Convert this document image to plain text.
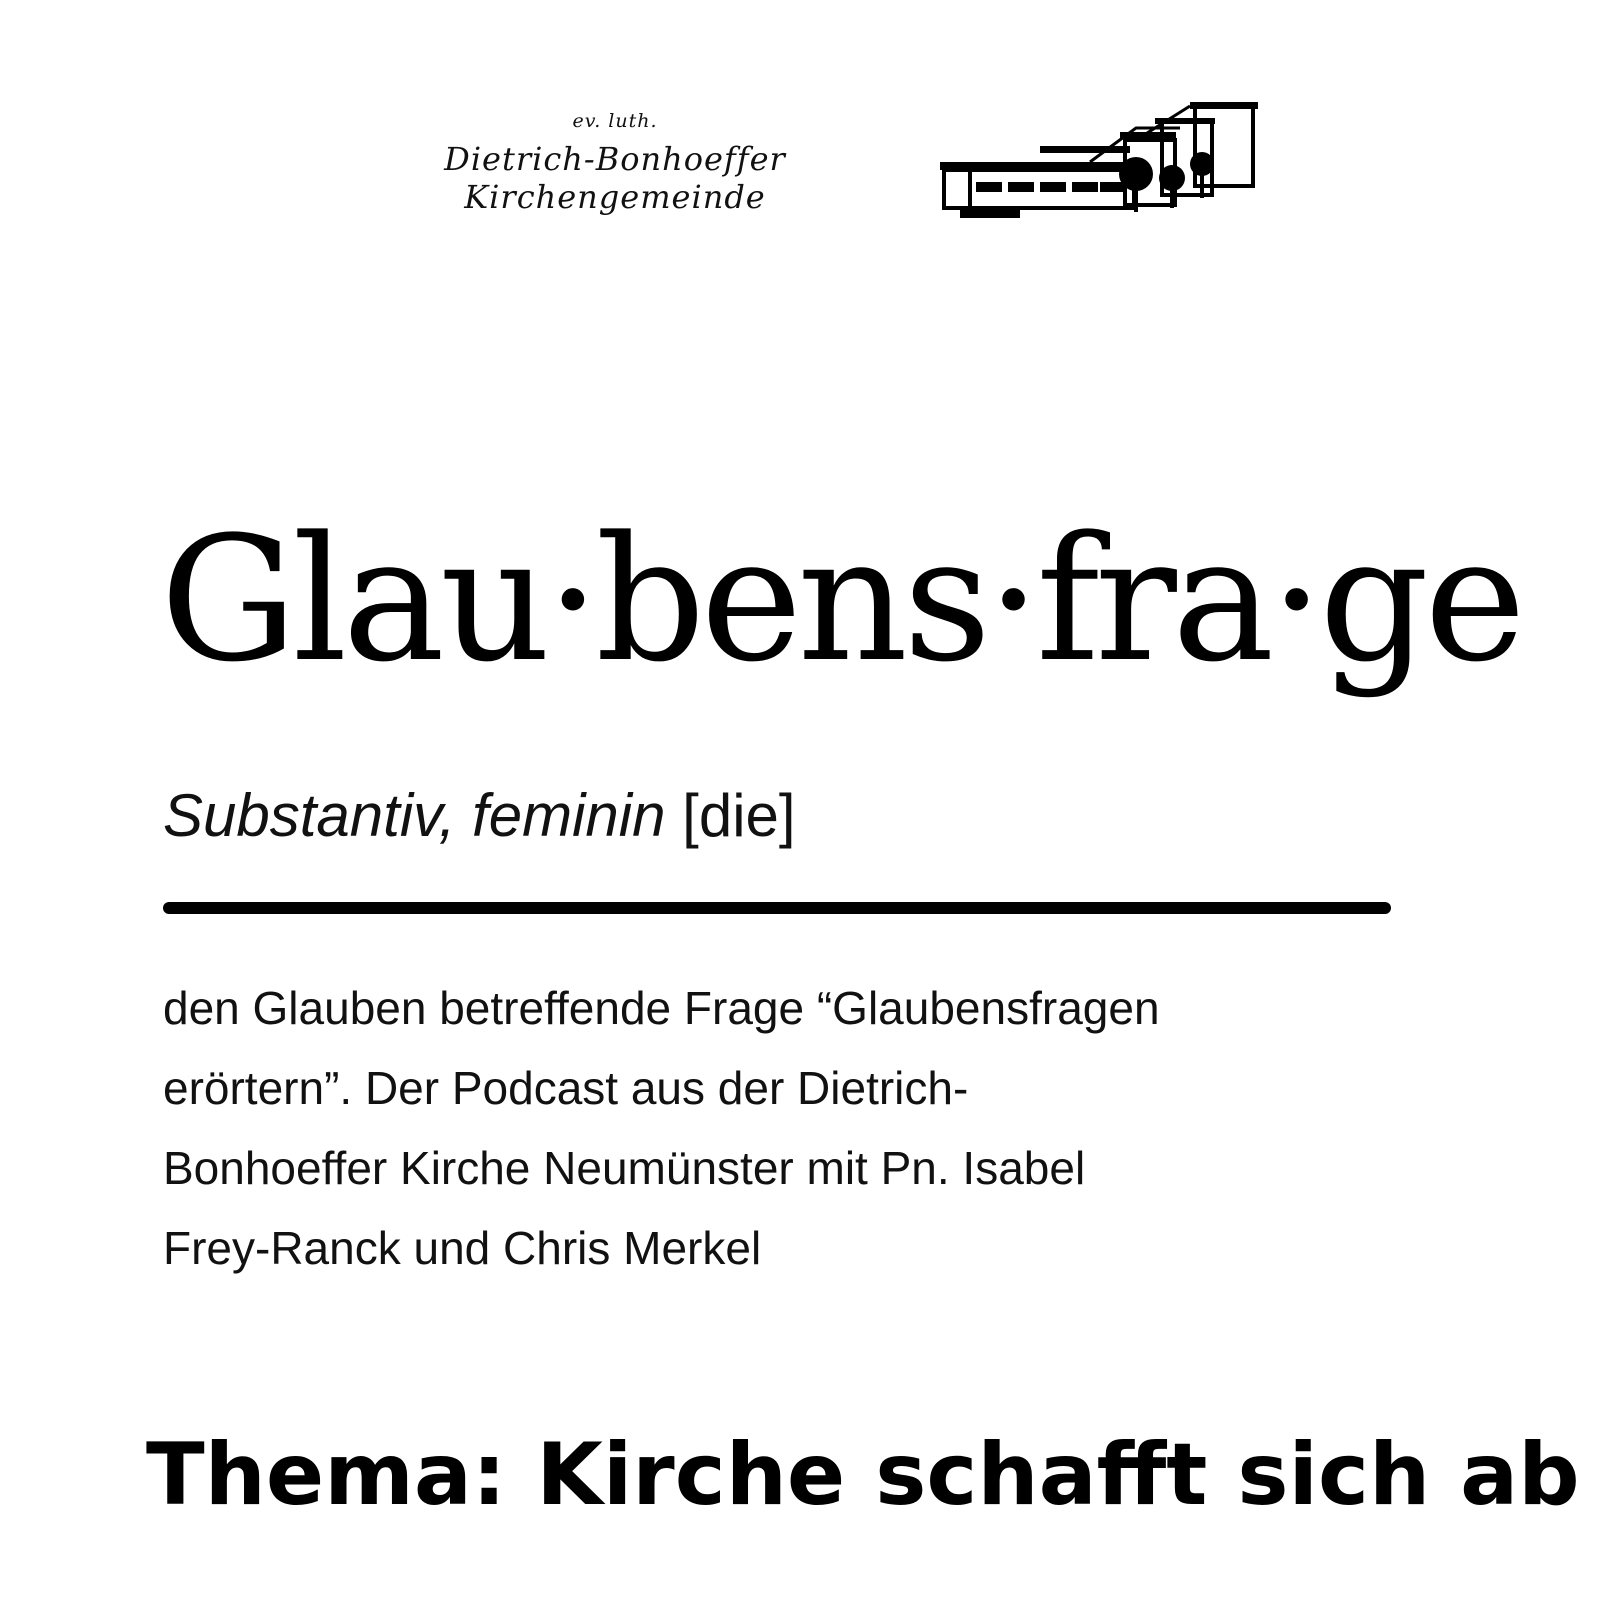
ev. luth.
Dietrich-Bonhoeffer
Kirchengemeinde
Glau·bens·fra·ge
Substantiv, feminin [die]

den Glauben betreffende Frage “Glaubensfragen
erörtern”. Der Podcast aus der Dietrich-
Bonhoeffer Kirche Neumünster mit Pn. Isabel
Frey-Ranck und Chris Merkel

Thema: Kirche schafft sich ab
